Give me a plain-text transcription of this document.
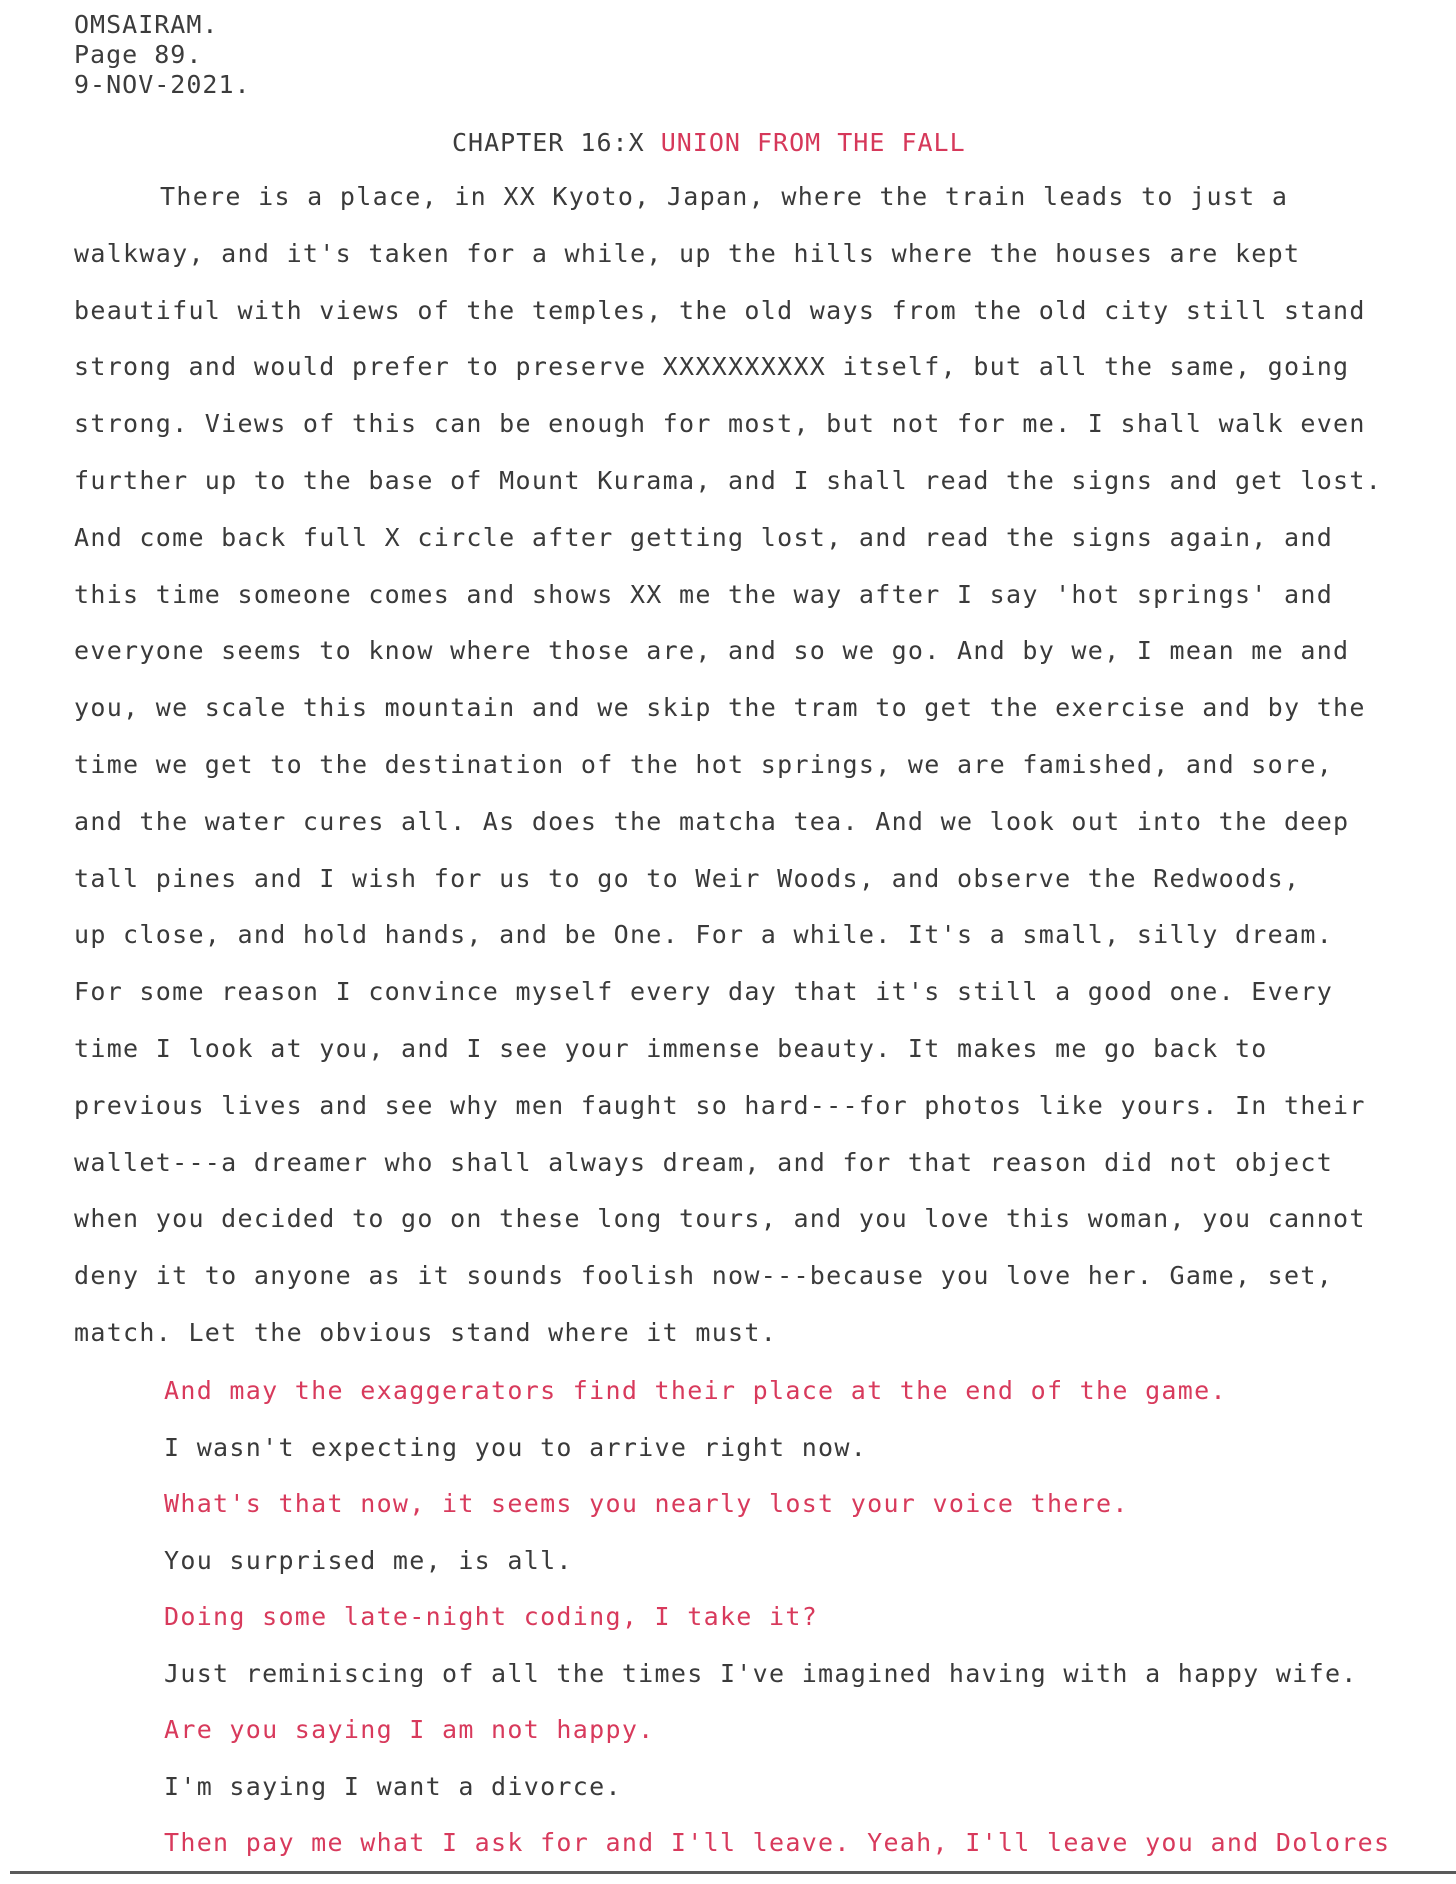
OMSAIRAM.
Page 89.
9-NOV-2021.
CHAPTER 16:X UNION FROM THE FALL
There is a place, in XX Kyoto, Japan, where the train leads to just a
walkway, and it's taken for a while, up the hills where the houses are kept
beautiful with views of the temples, the old ways from the old city still stand
strong and would prefer to preserve XXXXXXXXXX itself, but all the same, going
strong. Views of this can be enough for most, but not for me. I shall walk even
further up to the base of Mount Kurama, and I shall read the signs and get lost.
And come back full X circle after getting lost, and read the signs again, and
this time someone comes and shows XX me the way after I say 'hot springs' and
everyone seems to know where those are, and so we go. And by we, I mean me and
you, we scale this mountain and we skip the tram to get the exercise and by the
time we get to the destination of the hot springs, we are famished, and sore,
and the water cures all. As does the matcha tea. And we look out into the deep
tall pines and I wish for us to go to Weir Woods, and observe the Redwoods,
up close, and hold hands, and be One. For a while. It's a small, silly dream.
For some reason I convince myself every day that it's still a good one. Every
time I look at you, and I see your immense beauty. It makes me go back to
previous lives and see why men faught so hard---for photos like yours. In their
wallet---a dreamer who shall always dream, and for that reason did not object
when you decided to go on these long tours, and you love this woman, you cannot
deny it to anyone as it sounds foolish now---because you love her. Game, set,
match. Let the obvious stand where it must.
And may the exaggerators find their place at the end of the game.
I wasn't expecting you to arrive right now.
What's that now, it seems you nearly lost your voice there.
You surprised me, is all.
Doing some late-night coding, I take it?
Just reminiscing of all the times I've imagined having with a happy wife.
Are you saying I am not happy.
I'm saying I want a divorce.
Then pay me what I ask for and I'll leave. Yeah, I'll leave you and Dolores
